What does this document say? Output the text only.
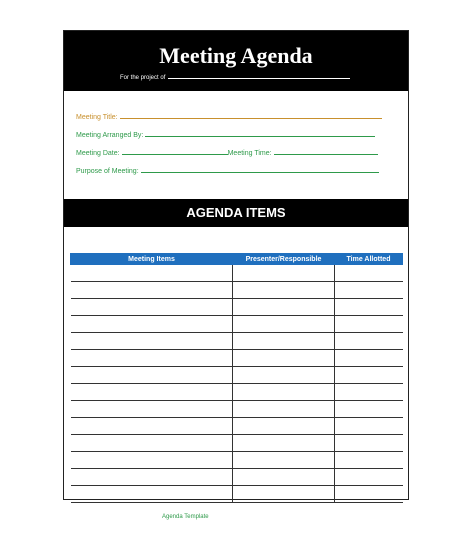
Meeting Agenda
For the project of
Meeting Title:
Meeting Arranged By:
Meeting Date:	Meeting Time:
Purpose of Meeting:
AGENDA ITEMS
Meeting Items	Presenter/Responsible	Time Allotted

Agenda Template
